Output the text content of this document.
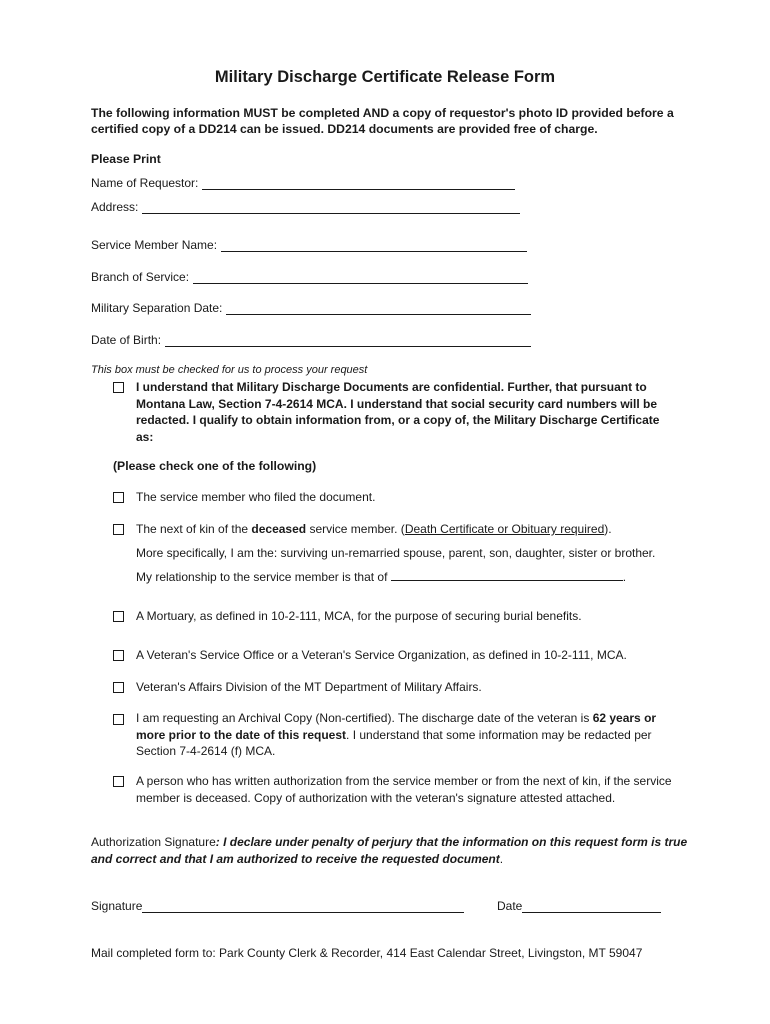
Military Discharge Certificate Release Form
The following information MUST be completed AND a copy of requestor's photo ID provided before a certified copy of a DD214 can be issued. DD214 documents are provided free of charge.
Please Print
Name of Requestor:
Address:
Service Member Name:
Branch of Service:
Military Separation Date:
Date of Birth:
This box must be checked for us to process your request
I understand that Military Discharge Documents are confidential. Further, that pursuant to Montana Law, Section 7-4-2614 MCA. I understand that social security card numbers will be redacted. I qualify to obtain information from, or a copy of, the Military Discharge Certificate as:
(Please check one of the following)
The service member who filed the document.
The next of kin of the deceased service member. (Death Certificate or Obituary required).
More specifically, I am the: surviving un-remarried spouse, parent, son, daughter, sister or brother.
My relationship to the service member is that of	.
A Mortuary, as defined in 10-2-111, MCA, for the purpose of securing burial benefits.
A Veteran's Service Office or a Veteran's Service Organization, as defined in 10-2-111, MCA.
Veteran's Affairs Division of the MT Department of Military Affairs.
I am requesting an Archival Copy (Non-certified). The discharge date of the veteran is 62 years or more prior to the date of this request. I understand that some information may be redacted per Section 7-4-2614 (f) MCA.
A person who has written authorization from the service member or from the next of kin, if the service member is deceased. Copy of authorization with the veteran's signature attested attached.
Authorization Signature: I declare under penalty of perjury that the information on this request form is true and correct and that I am authorized to receive the requested document.
Signature	Date
Mail completed form to: Park County Clerk & Recorder, 414 East Calendar Street, Livingston, MT 59047
